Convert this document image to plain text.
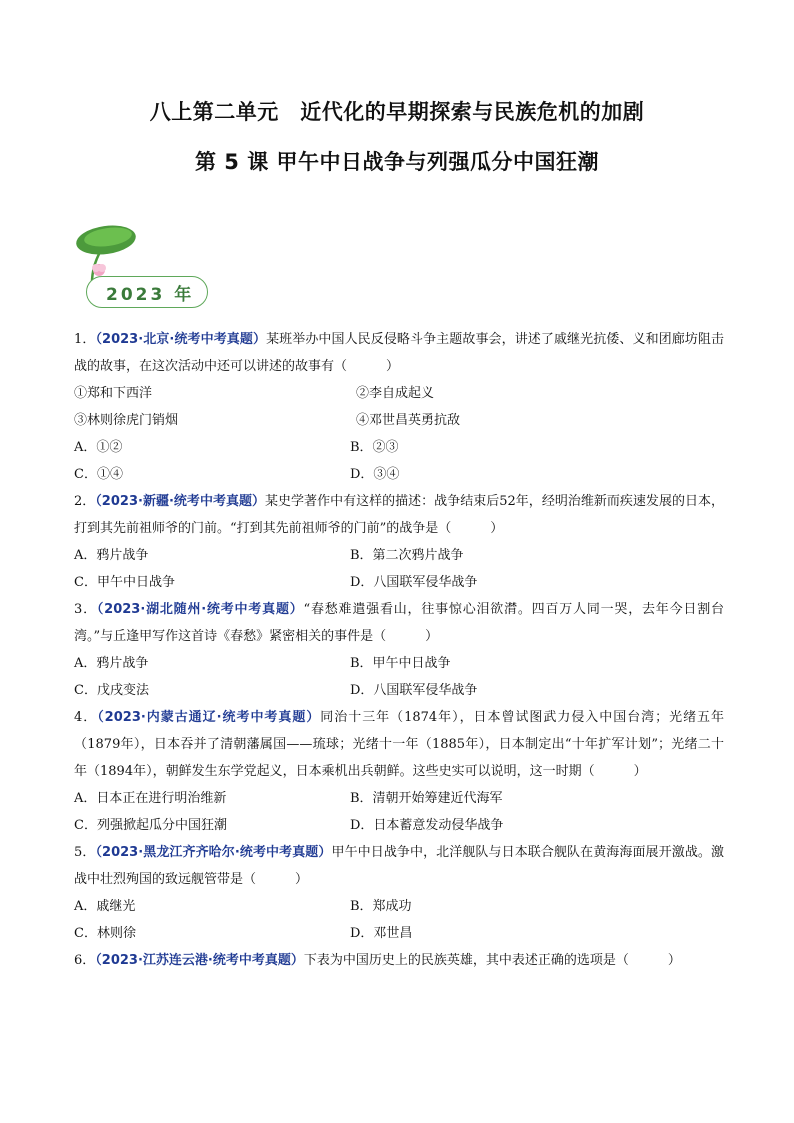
八上第二单元　近代化的早期探索与民族危机的加剧
第 5 课 甲午中日战争与列强瓜分中国狂潮
2023 年

1．（2023·北京·统考中考真题）某班举办中国人民反侵略斗争主题故事会，讲述了戚继光抗倭、义和团廊坊阻击战的故事，在这次活动中还可以讲述的故事有（　　　）

①郑和下西洋	②李自成起义
③林则徐虎门销烟	④邓世昌英勇抗敌
A．①②	B．②③
C．①④	D．③④

2．（2023·新疆·统考中考真题）某史学著作中有这样的描述：战争结束后52年，经明治维新而疾速发展的日本，打到其先前祖师爷的门前。“打到其先前祖师爷的门前”的战争是（　　　）

A．鸦片战争	B．第二次鸦片战争
C．甲午中日战争	D．八国联军侵华战争

3．（2023·湖北随州·统考中考真题）“春愁难遣强看山，往事惊心泪欲潸。四百万人同一哭，去年今日割台湾。”与丘逢甲写作这首诗《春愁》紧密相关的事件是（　　　）

A．鸦片战争	B．甲午中日战争
C．戊戌变法	D．八国联军侵华战争

4．（2023·内蒙古通辽·统考中考真题）同治十三年（1874年），日本曾试图武力侵入中国台湾；光绪五年（1879年），日本吞并了清朝藩属国——琉球；光绪十一年（1885年），日本制定出“十年扩军计划”；光绪二十年（1894年），朝鲜发生东学党起义，日本乘机出兵朝鲜。这些史实可以说明，这一时期（　　　）

A．日本正在进行明治维新	B．清朝开始筹建近代海军
C．列强掀起瓜分中国狂潮	D．日本蓄意发动侵华战争

5．（2023·黑龙江齐齐哈尔·统考中考真题）甲午中日战争中，北洋舰队与日本联合舰队在黄海海面展开激战。激战中壮烈殉国的致远舰管带是（　　　）

A．戚继光	B．郑成功
C．林则徐	D．邓世昌

6．（2023·江苏连云港·统考中考真题）下表为中国历史上的民族英雄，其中表述正确的选项是（　　　）
